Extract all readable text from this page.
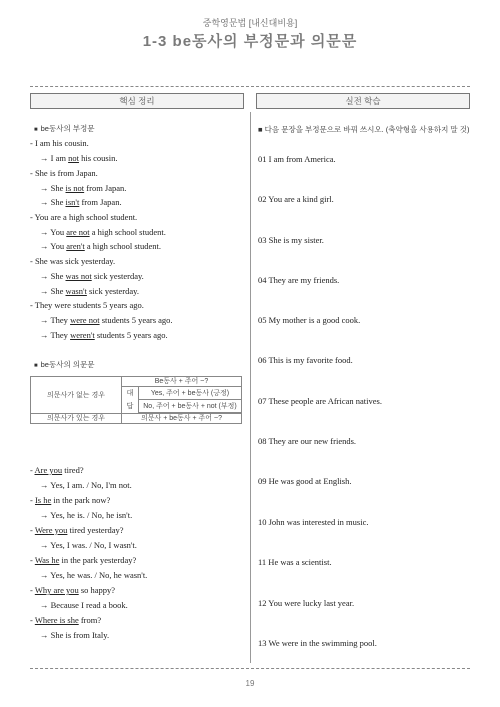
중학영문법 [내신대비용]
1-3 be동사의 부정문과 의문문
핵심 정리	실전 학습
■ be동사의 부정문
- I am his cousin.
→ I am not his cousin.
- She is from Japan.
→ She is not from Japan.
→ She isn't from Japan.
- You are a high school student.
→ You are not a high school student.
→ You aren't a high school student.
- She was sick yesterday.
→ She was not sick yesterday.
→ She wasn't sick yesterday.
- They were students 5 years ago.
→ They were not students 5 years ago.
→ They weren't students 5 years ago.
■ be동사의 의문문
의문사가 없는 경우	Be동사 + 주어 ~?	
	대답	Yes, 주어 + be동사 (긍정)
		No, 주어 + be동사 + not (부정)

의문사가 있는 경우	의문사 + be동사 + 주어 ~?	
- Are you tired?
→ Yes, I am. / No, I'm not.
- Is he in the park now?
→ Yes, he is. / No, he isn't.
- Were you tired yesterday?
→ Yes, I was. / No, I wasn't.
- Was he in the park yesterday?
→ Yes, he was. / No, he wasn't.
- Why are you so happy?
→ Because I read a book.
- Where is she from?
→ She is from Italy.
■ 다음 문장을 부정문으로 바꿔 쓰시오. (축약형을 사용하지 말 것)
01 I am from America.
02 You are a kind girl.
03 She is my sister.
04 They are my friends.
05 My mother is a good cook.
06 This is my favorite food.
07 These people are African natives.
08 They are our new friends.
09 He was good at English.
10 John was interested in music.
11 He was a scientist.
12 You were lucky last year.
13 We were in the swimming pool.
19
